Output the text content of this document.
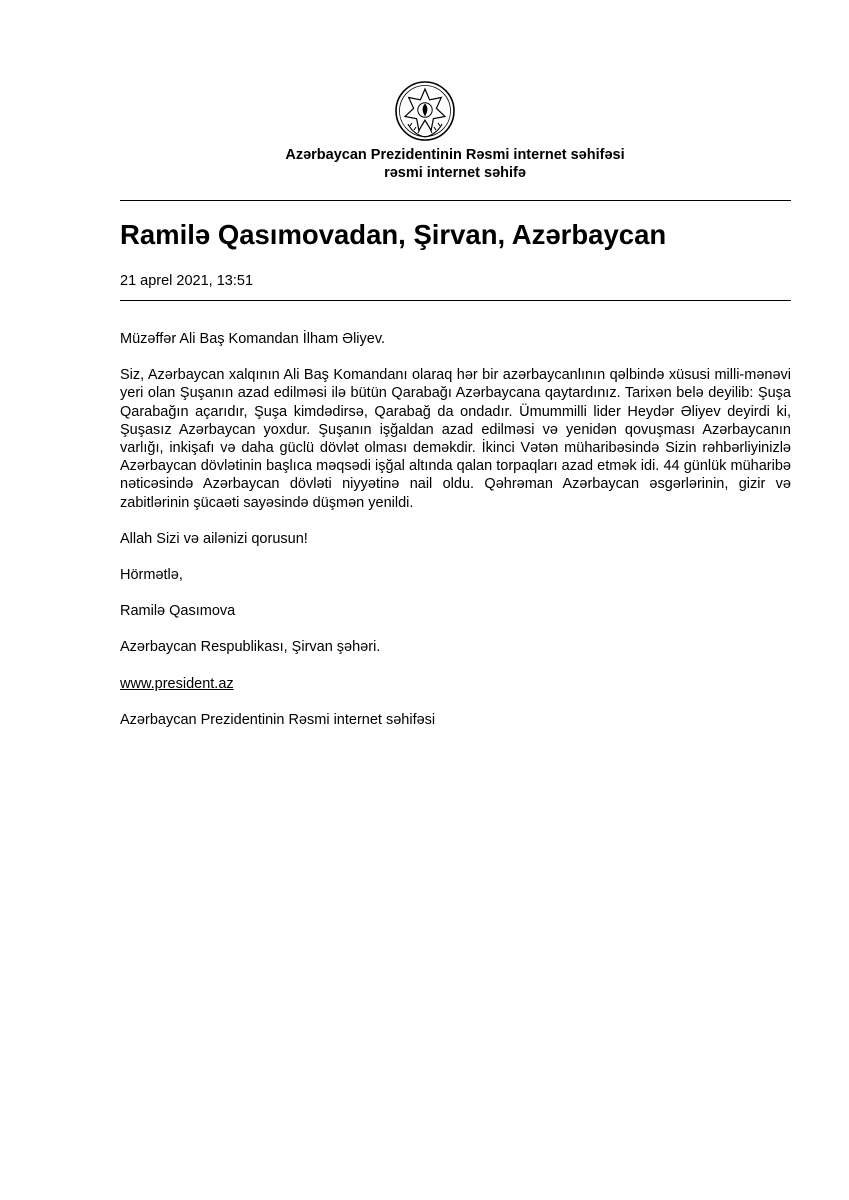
Azərbaycan Prezidentinin Rəsmi internet səhifəsi
rəsmi internet səhifə
Ramilə Qasımovadan, Şirvan, Azərbaycan
21 aprel 2021, 13:51

Müzəffər Ali Baş Komandan İlham Əliyev.

Siz, Azərbaycan xalqının Ali Baş Komandanı olaraq hər bir azərbaycanlının qəlbində xüsusi milli-mənəvi yeri olan Şuşanın azad edilməsi ilə bütün Qarabağı Azərbaycana qaytardınız. Tarixən belə deyilib: Şuşa Qarabağın açarıdır, Şuşa kimdədirsə, Qarabağ da ondadır. Ümummilli lider Heydər Əliyev deyirdi ki, Şuşasız Azərbaycan yoxdur. Şuşanın işğaldan azad edilməsi və yenidən qovuşması Azərbaycanın varlığı, inkişafı və daha güclü dövlət olması deməkdir. İkinci Vətən müharibəsində Sizin rəhbərliyinizlə Azərbaycan dövlətinin başlıca məqsədi işğal altında qalan torpaqları azad etmək idi. 44 günlük müharibə nəticəsində Azərbaycan dövləti niyyətinə nail oldu. Qəhrəman Azərbaycan əsgərlərinin, gizir və zabitlərinin şücaəti sayəsində düşmən yenildi.

Allah Sizi və ailənizi qorusun!

Hörmətlə,

Ramilə Qasımova

Azərbaycan Respublikası, Şirvan şəhəri.

www.president.az

Azərbaycan Prezidentinin Rəsmi internet səhifəsi
